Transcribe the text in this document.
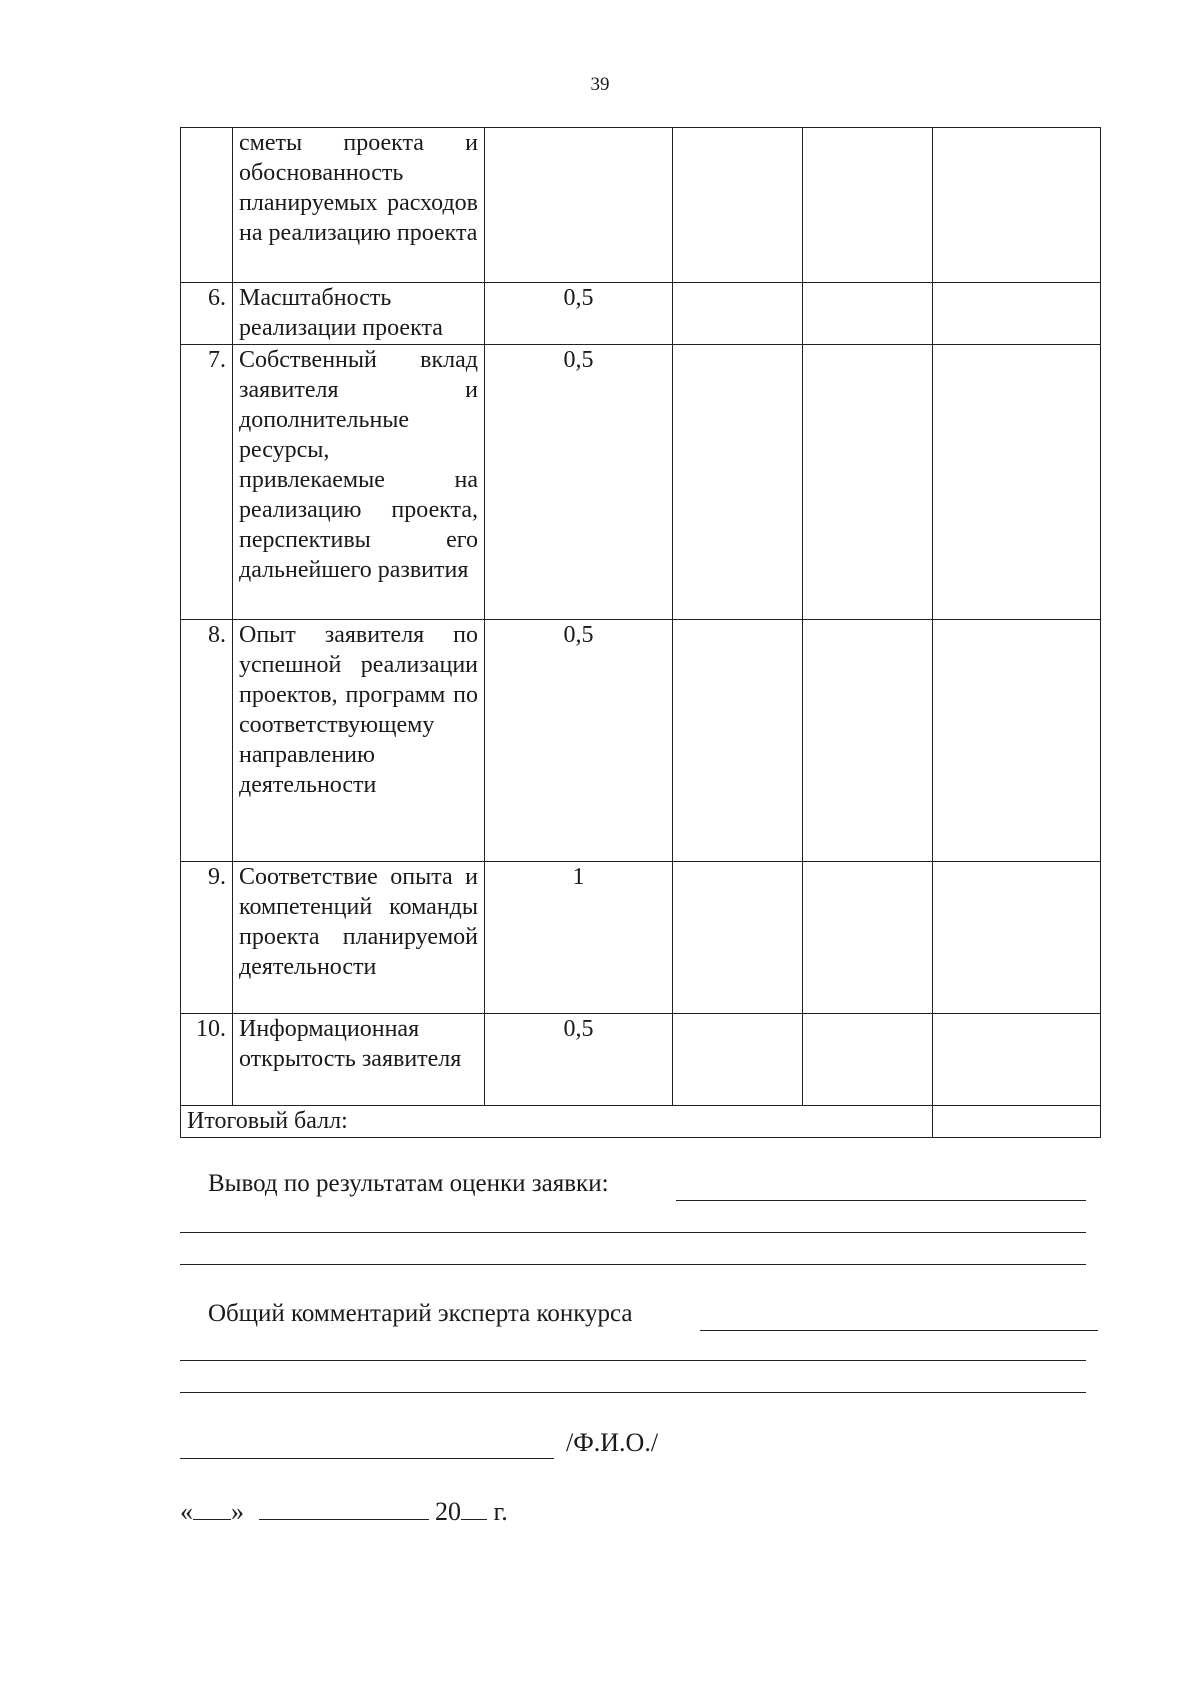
39

	сметы проекта и обоснованность планируемых расходов на реализацию проекта				

6.	Масштабность реализации проекта	0,5			
7.	Собственный вклад заявителя и дополнительные ресурсы, привлекаемые на реализацию проекта, перспективы его дальнейшего развития	0,5			
8.	Опыт заявителя по успешной реализации проектов, программ по соответствующему направлению деятельности	0,5			
9.	Соответствие опыта и компетенций команды проекта планируемой деятельности	1			
10.	Информационная открытость заявителя	0,5			
Итоговый балл:					
Вывод по результатам оценки заявки:
Общий комментарий эксперта конкурса
/Ф.И.О./
« »	20 г.
